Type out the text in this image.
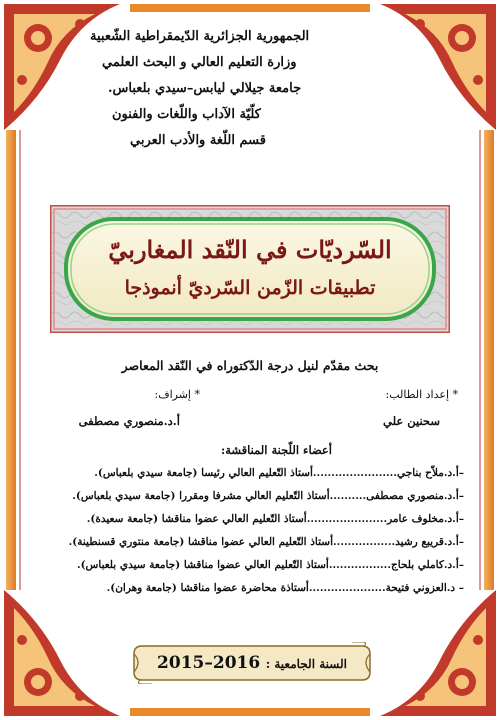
الجمهورية الجزائرية الدّيمقراطية الشّعبية
وزارة التعليم العالي و البحث العلمي
جامعة جيلالي ليابس–سيدي بلعباس.
كلّيّة الآداب واللّغات والفنون
قسم اللّغة والأدب العربي
السّرديّات في النّقد المغاربيّ
تطبيقات الزّمن السّرديّ أنموذجا
بحث مقدّم لنيل درجة الدّكتوراه في النّقد المعاصر
* إعداد الطالب:
* إشراف:
سحنين علي
أ.د.منصوري مصطفى
أعضاء اللّجنة المناقشة:
–أ.د.ملاّح بناجي.......................أستاذ التّعليم العالي رئيسا (جامعة سيدي بلعباس).
–أ.د.منصوري مصطفى..........أستاذ التّعليم العالي مشرفا ومقررا (جامعة سيدي بلعباس).
–أ.د.مخلوف عامر......................أستاذ التّعليم العالي عضوا مناقشا (جامعة سعيدة).
–أ.د.قريبع رشيد.................أستاذ التّعليم العالي عضوا مناقشا (جامعة منتوري قسنطينة).
–أ.د.كاملي بلحاج.................أستاذ التّعليم العالي عضوا مناقشا (جامعة سيدي بلعباس).
– د.العزوني فتيحة.....................أستاذة محاضرة عضوا مناقشا (جامعة وهران).
السنة الجامعية : 2016–2015
